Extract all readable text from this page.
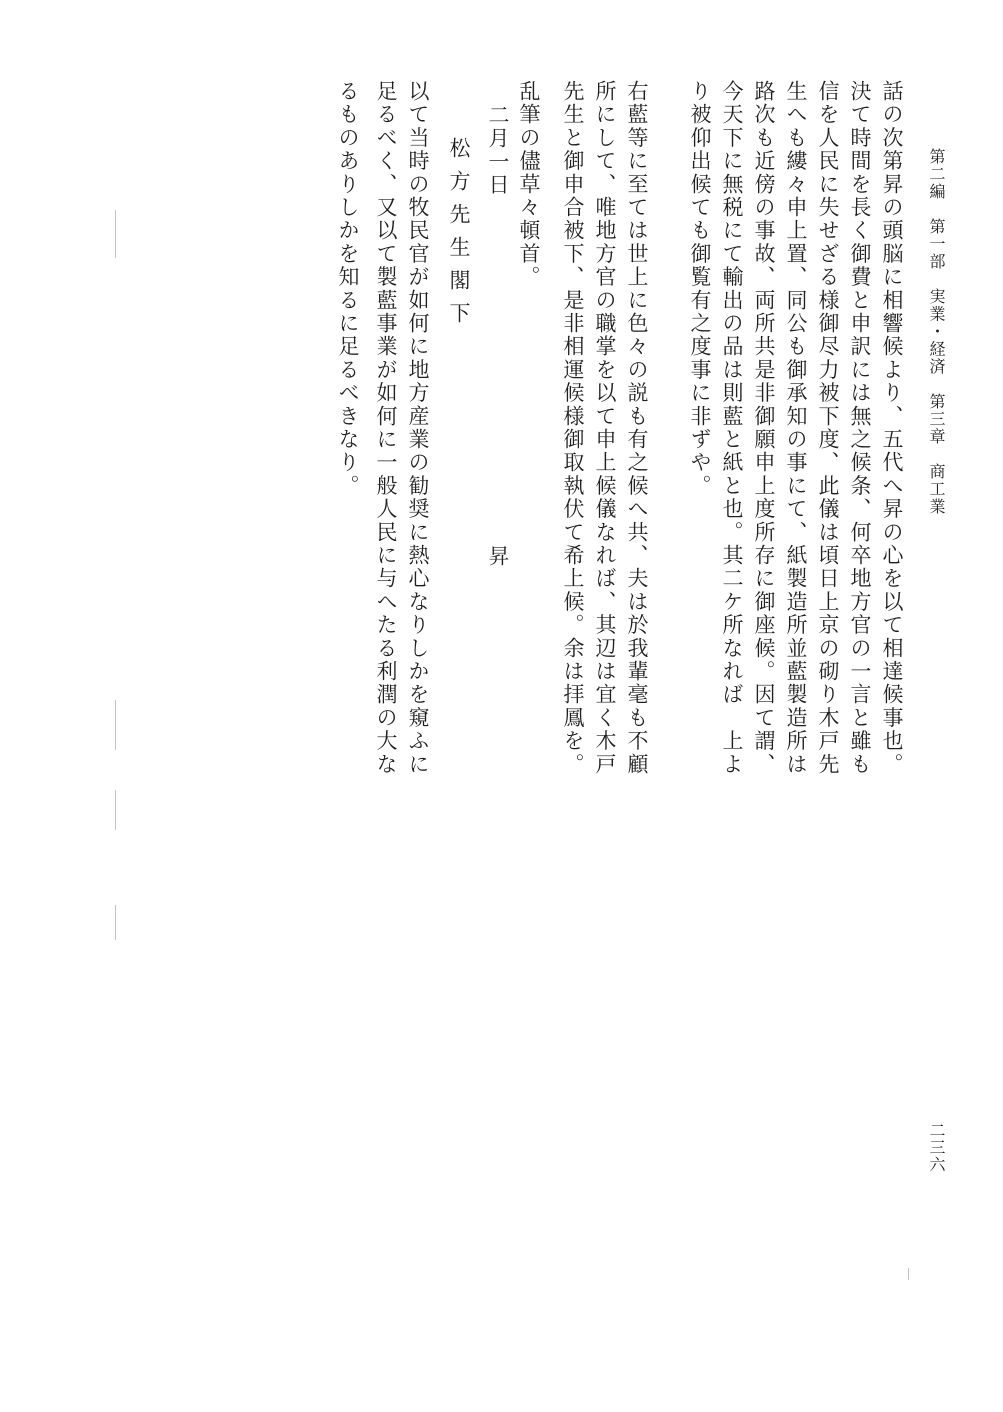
第二編　第一部　実業・経済　第三章　商工業
二三六
話の次第昇の頭脳に相響候より、五代へ昇の心を以て相達候事也。
決て時間を長く御費と申訳には無之候条、何卒地方官の一言と雖も
信を人民に失せざる様御尽力被下度、此儀は頃日上京の砌り木戸先
生へも縷々申上置、同公も御承知の事にて、紙製造所並藍製造所は
路次も近傍の事故、両所共是非御願申上度所存に御座候。因て謂、
今天下に無税にて輸出の品は則藍と紙と也。其二ケ所なれば　上よ
り被仰出候ても御覧有之度事に非ずや。
右藍等に至ては世上に色々の説も有之候へ共、夫は於我輩毫も不顧
所にして、唯地方官の職掌を以て申上候儀なれば、其辺は宜く木戸
先生と御申合被下、是非相運候様御取執伏て希上候。余は拝鳳を。
乱筆の儘草々頓首。
二月一日
昇
松方先生閣下
以て当時の牧民官が如何に地方産業の勧奨に熱心なりしかを窺ふに
足るべく、又以て製藍事業が如何に一般人民に与へたる利潤の大な
るものありしかを知るに足るべきなり。
